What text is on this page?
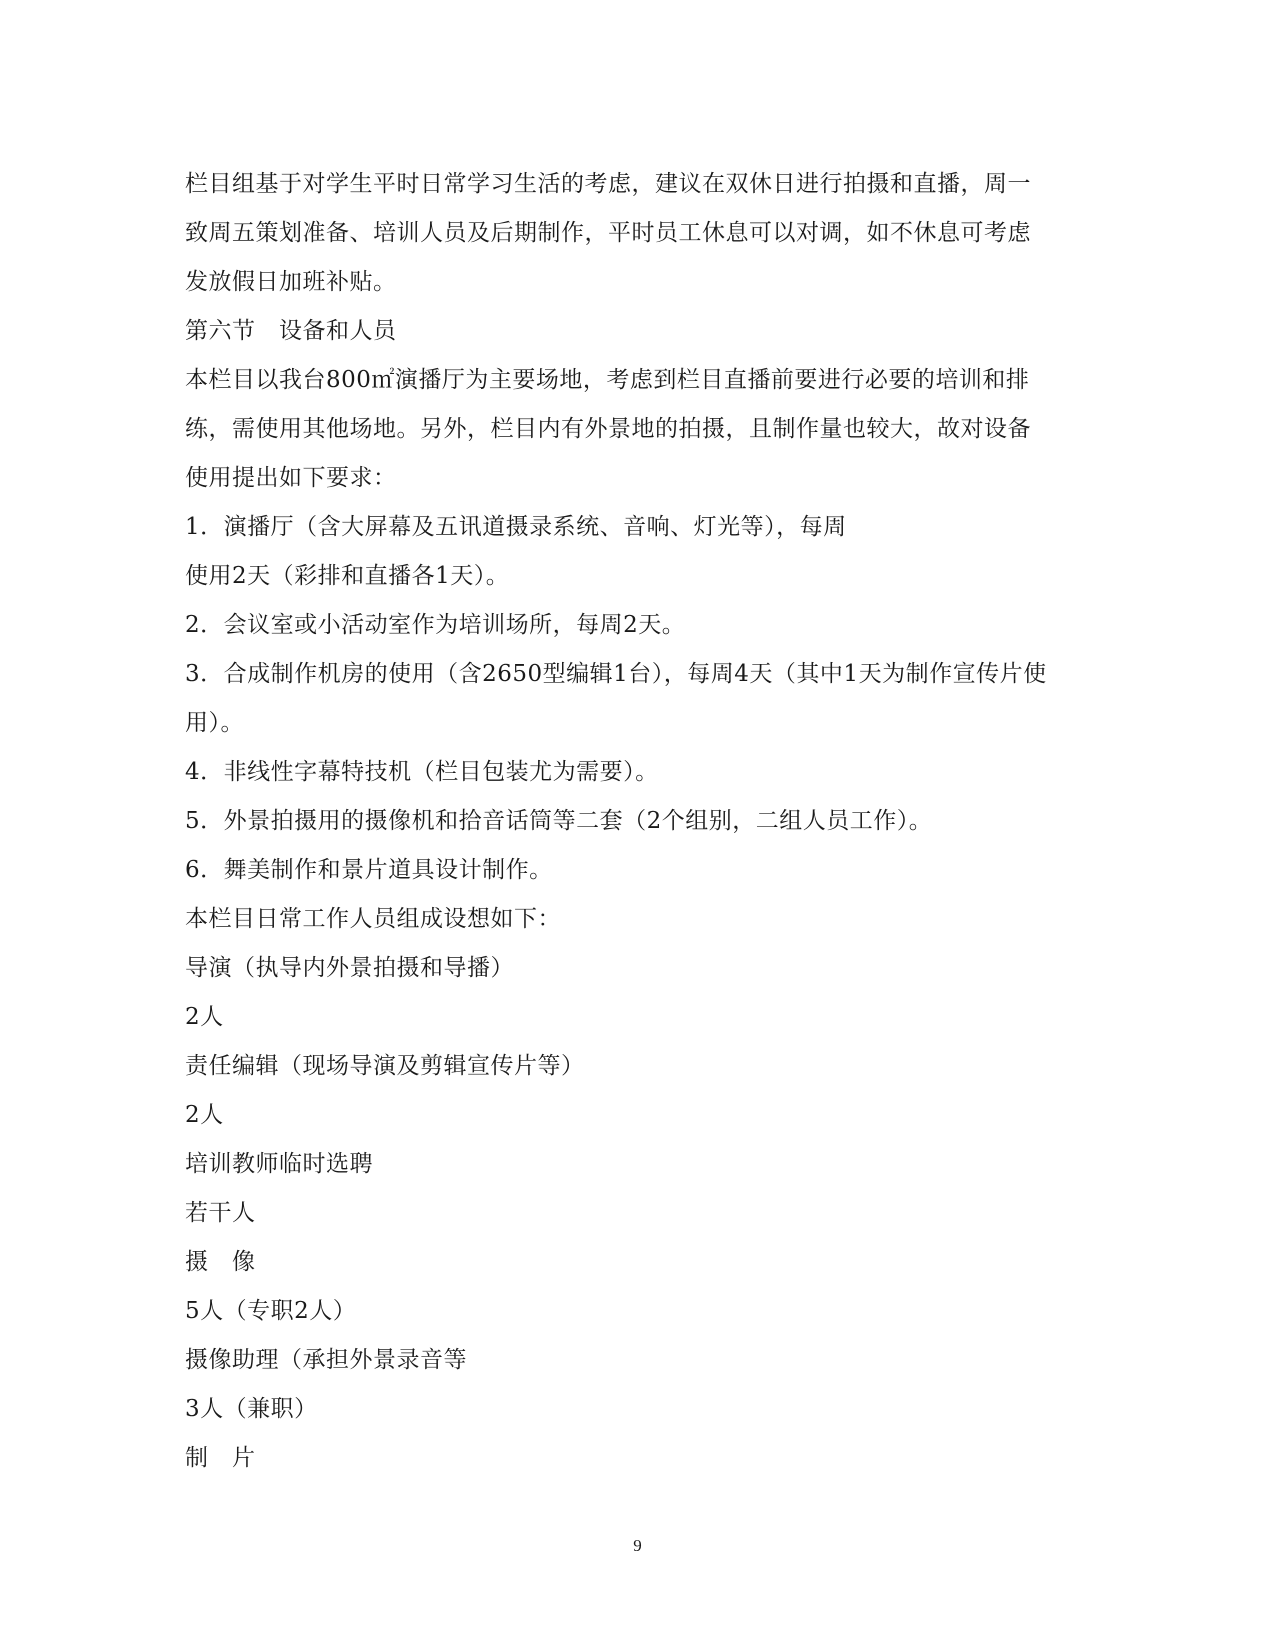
栏目组基于对学生平时日常学习生活的考虑，建议在双休日进行拍摄和直播，周一
致周五策划准备、培训人员及后期制作，平时员工休息可以对调，如不休息可考虑
发放假日加班补贴。
第六节　设备和人员
本栏目以我台800㎡演播厅为主要场地，考虑到栏目直播前要进行必要的培训和排
练，需使用其他场地。另外，栏目内有外景地的拍摄，且制作量也较大，故对设备
使用提出如下要求：
1．演播厅（含大屏幕及五讯道摄录系统、音响、灯光等），每周
使用2天（彩排和直播各1天）。
2．会议室或小活动室作为培训场所，每周2天。
3．合成制作机房的使用（含2650型编辑1台），每周4天（其中1天为制作宣传片使
用）。
4．非线性字幕特技机（栏目包装尤为需要）。
5．外景拍摄用的摄像机和拾音话筒等二套（2个组别，二组人员工作）。
6．舞美制作和景片道具设计制作。
本栏目日常工作人员组成设想如下：
导演（执导内外景拍摄和导播）
2人
责任编辑（现场导演及剪辑宣传片等）
2人
培训教师临时选聘
若干人
摄　像
5人（专职2人）
摄像助理（承担外景录音等
3人（兼职）
制　片
9
